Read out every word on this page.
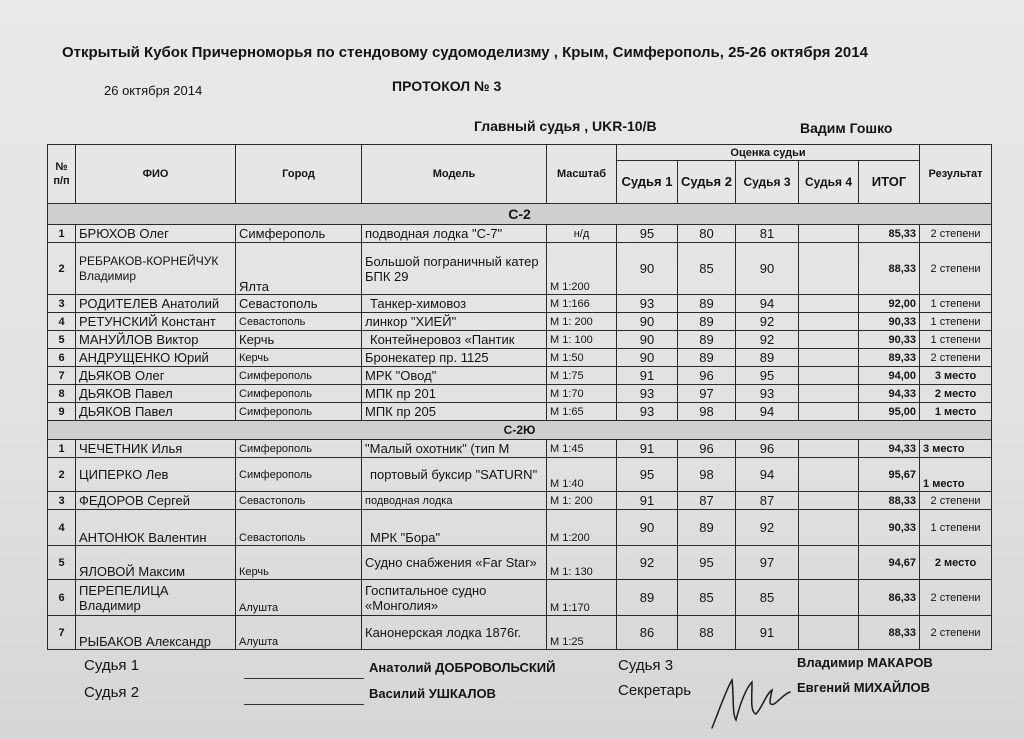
Открытый Кубок Причерноморья по стендовому судомоделизму , Крым, Симферополь, 25-26 октября 2014
26 октября 2014	ПРОТОКОЛ № 3
Главный судья , UKR-10/B	Вадим Гошко
№ п/п	ФИО	Город	Модель	Масштаб	Оценка судьи					Результат
					Судья 1	Судья 2	Судья 3	Судья 4	ИТОГ	
С-2										
1	БРЮХОВ Олег	Симферополь	подводная лодка "С-7"	н/д	95	80	81		85,33	2 степени
2	РЕБРАКОВ-КОРНЕЙЧУК Владимир	Ялта	Большой пограничный катер БПК 29	М 1:200	90	85	90		88,33	2 степени
3	РОДИТЕЛЕВ Анатолий	Севастополь	Танкер-химовоз	М 1:166	93	89	94		92,00	1 степени
4	РЕТУНСКИЙ Констант	Севастополь	линкор "ХИЕЙ"	М 1: 200	90	89	92		90,33	1 степени
5	МАНУЙЛОВ Виктор	Керчь	Контейнеровоз «Пантик	М 1: 100	90	89	92		90,33	1 степени
6	АНДРУЩЕНКО Юрий	Керчь	Бронекатер пр. 1125	М 1:50	90	89	89		89,33	2 степени
7	ДЬЯКОВ Олег	Симферополь	МРК "Овод"	М 1:75	91	96	95		94,00	3 место
8	ДЬЯКОВ Павел	Симферополь	МПК пр 201	М 1:70	93	97	93		94,33	2 место
9	ДЬЯКОВ Павел	Симферополь	МПК пр 205	М 1:65	93	98	94		95,00	1 место
С-2Ю										
1	ЧЕЧЕТНИК Илья	Симферополь	"Малый охотник" (тип М	М 1:45	91	96	96		94,33	3 место
2	ЦИПЕРКО Лев	Симферополь	портовый буксир "SATURN"	М 1:40	95	98	94		95,67	1 место
3	ФЕДОРОВ Сергей	Севастополь	подводная лодка	М 1: 200	91	87	87		88,33	2 степени
4	АНТОНЮК Валентин	Севастополь	МРК "Бора"	М 1:200	90	89	92		90,33	1 степени
5	ЯЛОВОЙ Максим	Керчь	Судно снабжения «Far Star»	М 1: 130	92	95	97		94,67	2 место
6	ПЕРЕПЕЛИЦА Владимир	Алушта	Госпитальное судно «Монголия»	М 1:170	89	85	85		86,33	2 степени
7	РЫБАКОВ Александр	Алушта	Канонерская лодка 1876г.	М 1:25	86	88	91		88,33	2 степени
Судья 1	Анатолий ДОБРОВОЛЬСКИЙ
Судья 2	Василий УШКАЛОВ
Судья 3	Владимир МАКАРОВ
Секретарь	Евгений МИХАЙЛОВ
